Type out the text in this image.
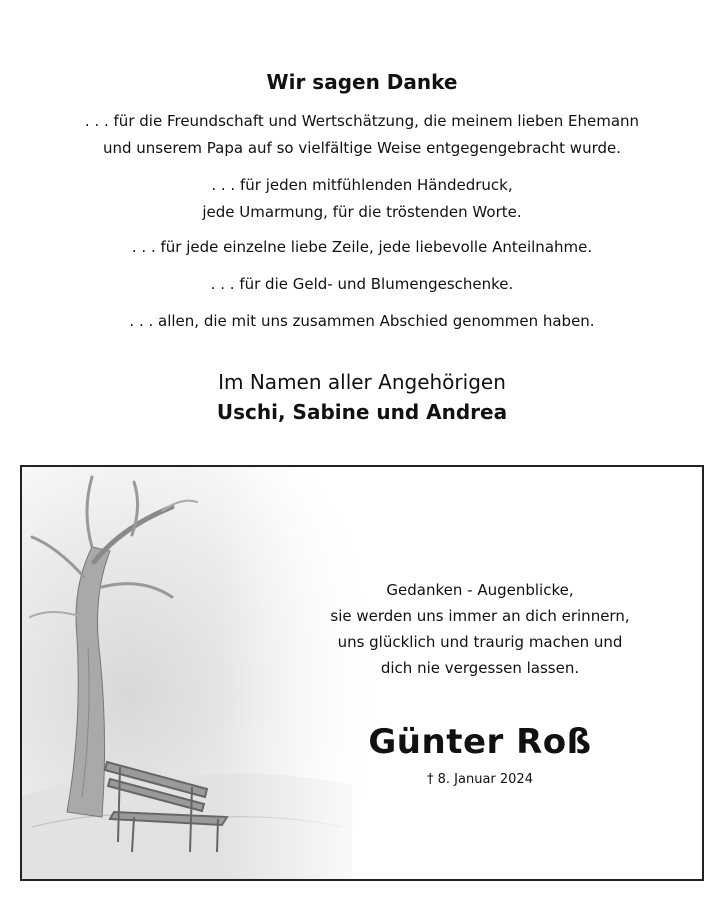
Wir sagen Danke
. . . für die Freundschaft und Wertschätzung, die meinem lieben Ehemann
und unserem Papa auf so vielfältige Weise entgegengebracht wurde.
. . . für jeden mitfühlenden Händedruck,
jede Umarmung, für die tröstenden Worte.
. . . für jede einzelne liebe Zeile, jede liebevolle Anteilnahme.
. . . für die Geld- und Blumengeschenke.
. . . allen, die mit uns zusammen Abschied genommen haben.
Im Namen aller Angehörigen
Uschi, Sabine und Andrea
Gedanken - Augenblicke,
sie werden uns immer an dich erinnern,
uns glücklich und traurig machen und
dich nie vergessen lassen.
Günter Roß
† 8. Januar 2024
